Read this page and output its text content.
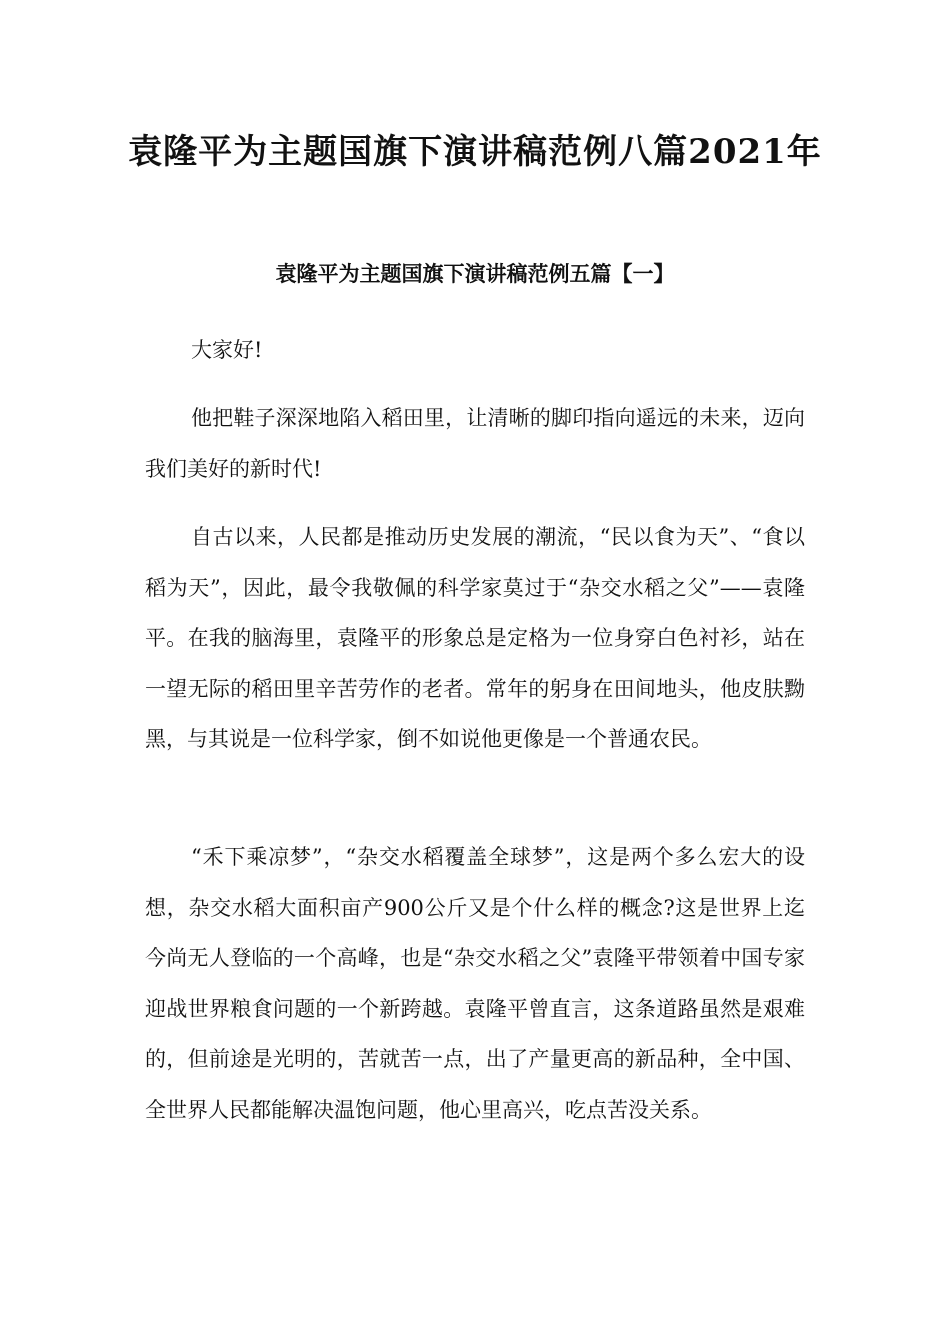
袁隆平为主题国旗下演讲稿范例八篇2021年
袁隆平为主题国旗下演讲稿范例五篇【一】

大家好!

他把鞋子深深地陷入稻田里，让清晰的脚印指向遥远的未来，迈向我们美好的新时代!

自古以来，人民都是推动历史发展的潮流，“民以食为天”、“食以稻为天”，因此，最令我敬佩的科学家莫过于“杂交水稻之父”——袁隆平。在我的脑海里，袁隆平的形象总是定格为一位身穿白色衬衫，站在一望无际的稻田里辛苦劳作的老者。常年的躬身在田间地头，他皮肤黝黑，与其说是一位科学家，倒不如说他更像是一个普通农民。

“禾下乘凉梦”，“杂交水稻覆盖全球梦”，这是两个多么宏大的设想，杂交水稻大面积亩产900公斤又是个什么样的概念?这是世界上迄今尚无人登临的一个高峰，也是“杂交水稻之父”袁隆平带领着中国专家迎战世界粮食问题的一个新跨越。袁隆平曾直言，这条道路虽然是艰难的，但前途是光明的，苦就苦一点，出了产量更高的新品种，全中国、全世界人民都能解决温饱问题，他心里高兴，吃点苦没关系。
